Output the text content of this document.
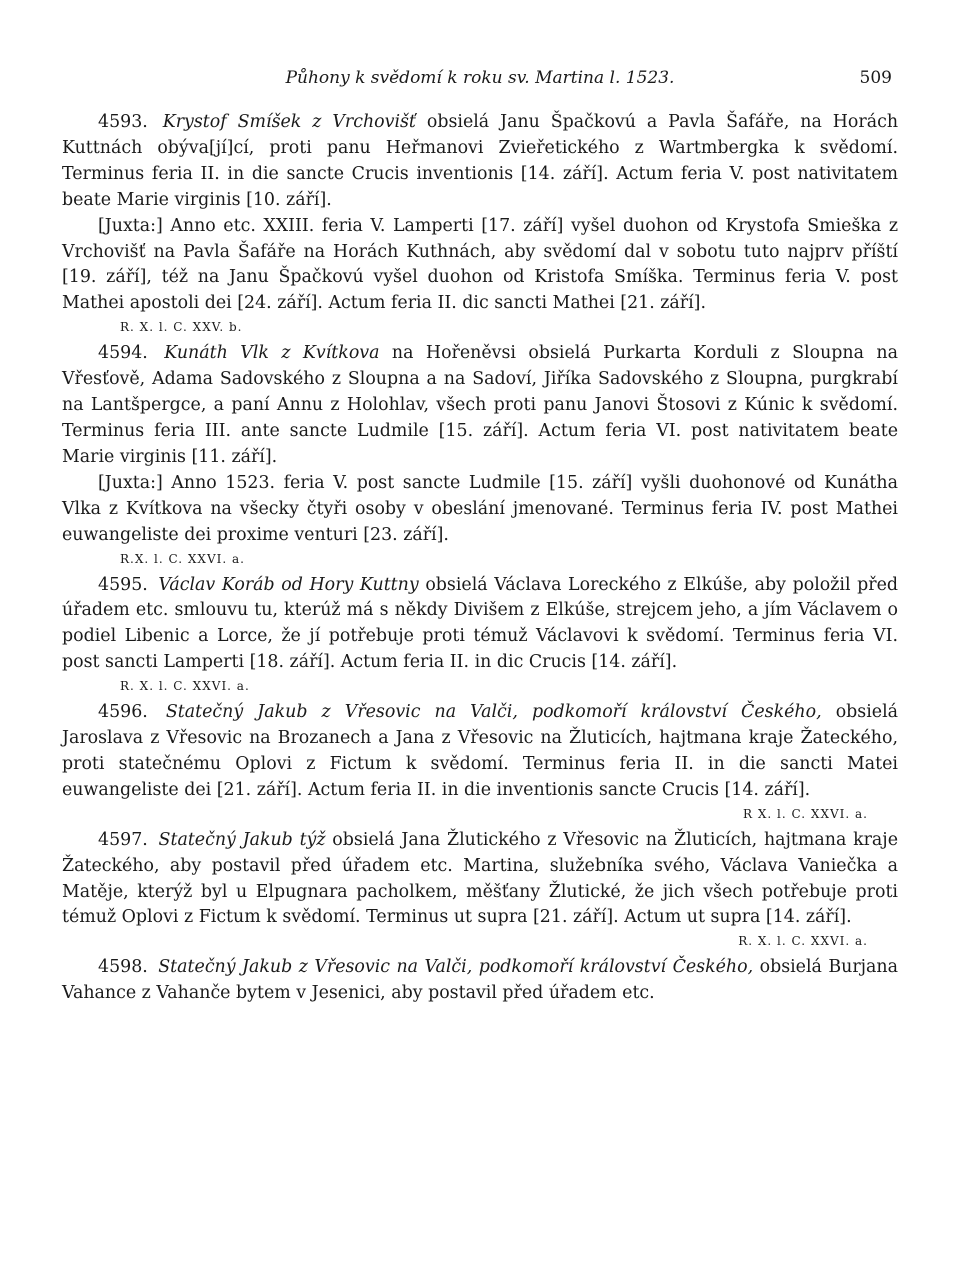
Půhony k svědomí k roku sv. Martina l. 1523.	509

4593. Krystof Smíšek z Vrchovišť obsielá Janu Špačkovú a Pavla Šafáře, na Horách Kuttnách obýva[jí]cí, proti panu Heřmanovi Zvieřetického z Wartmbergka k svědomí. Terminus feria II. in die sancte Crucis inventionis [14. září]. Actum feria V. post nativitatem beate Marie virginis [10. září].

[Juxta:] Anno etc. XXIII. feria V. Lamperti [17. září] vyšel duohon od Krystofa Smieška z Vrchovišť na Pavla Šafáře na Horách Kuthnách, aby svědomí dal v sobotu tuto najprv příští [19. září], též na Janu Špačkovú vyšel duohon od Kristofa Smíška. Terminus feria V. post Mathei apostoli dei [24. září]. Actum feria II. dic sancti Mathei [21. září].

R. X. l. C. XXV. b.

4594. Kunáth Vlk z Kvítkova na Hořeněvsi obsielá Purkarta Korduli z Sloupna na Vřesťově, Adama Sadovského z Sloupna a na Sadoví, Jiříka Sadovského z Sloupna, purgkrabí na Lantšpergce, a paní Annu z Holohlav, všech proti panu Janovi Štosovi z Kúnic k svědomí. Terminus feria III. ante sancte Ludmile [15. září]. Actum feria VI. post nativitatem beate Marie virginis [11. září].

[Juxta:] Anno 1523. feria V. post sancte Ludmile [15. září] vyšli duohonové od Kunátha Vlka z Kvítkova na všecky čtyři osoby v obeslání jmenované. Terminus feria IV. post Mathei euwangeliste dei proxime venturi [23. září].

R.X. l. C. XXVI. a.

4595. Václav Koráb od Hory Kuttny obsielá Václava Loreckého z Elkúše, aby položil před úřadem etc. smlouvu tu, kterúž má s někdy Divišem z Elkúše, strejcem jeho, a jím Václavem o podiel Libenic a Lorce, že jí potřebuje proti témuž Václavovi k svědomí. Terminus feria VI. post sancti Lamperti [18. září]. Actum feria II. in dic Crucis [14. září].

R. X. l. C. XXVI. a.

4596. Statečný Jakub z Vřesovic na Valči, podkomoří království Českého, obsielá Jaroslava z Vřesovic na Brozanech a Jana z Vřesovic na Žluticích, hajtmana kraje Žateckého, proti statečnému Oplovi z Fictum k svědomí. Terminus feria II. in die sancti Matei euwangeliste dei [21. září]. Actum feria II. in die inventionis sancte Crucis [14. září].

R X. l. C. XXVI. a.

4597. Statečný Jakub týž obsielá Jana Žlutického z Vřesovic na Žluticích, hajtmana kraje Žateckého, aby postavil před úřadem etc. Martina, služebníka svého, Václava Vaniečka a Matěje, kterýž byl u Elpugnara pacholkem, měšťany Žlutické, že jich všech potřebuje proti témuž Oplovi z Fictum k svědomí. Terminus ut supra [21. září]. Actum ut supra [14. září].

R. X. l. C. XXVI. a.

4598. Statečný Jakub z Vřesovic na Valči, podkomoří království Českého, obsielá Burjana Vahance z Vahanče bytem v Jesenici, aby postavil před úřadem etc.
